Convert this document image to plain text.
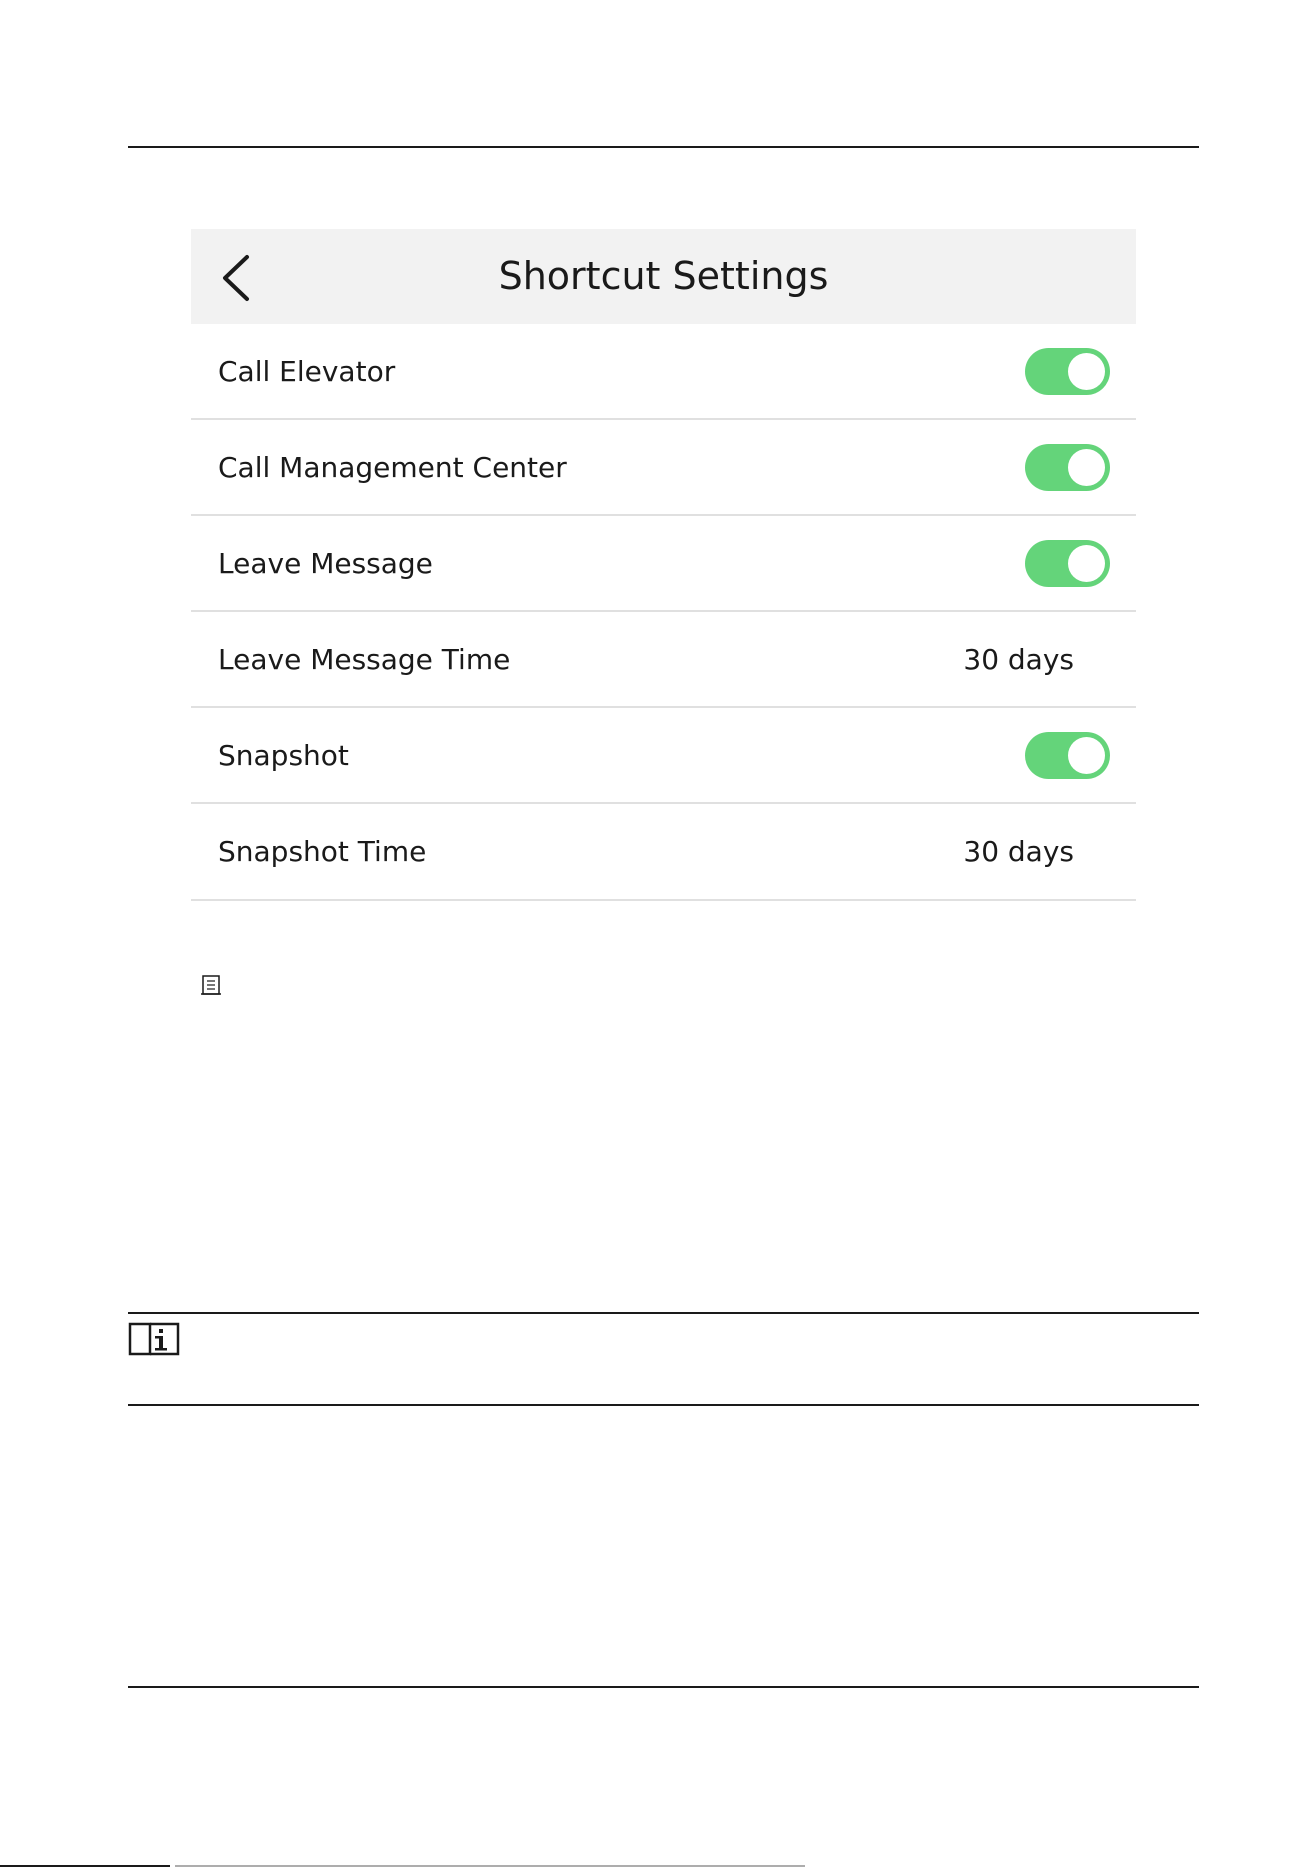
Shortcut Settings
Call Elevator
Call Management Center
Leave Message
Leave Message Time	30 days
Snapshot
Snapshot Time	30 days
